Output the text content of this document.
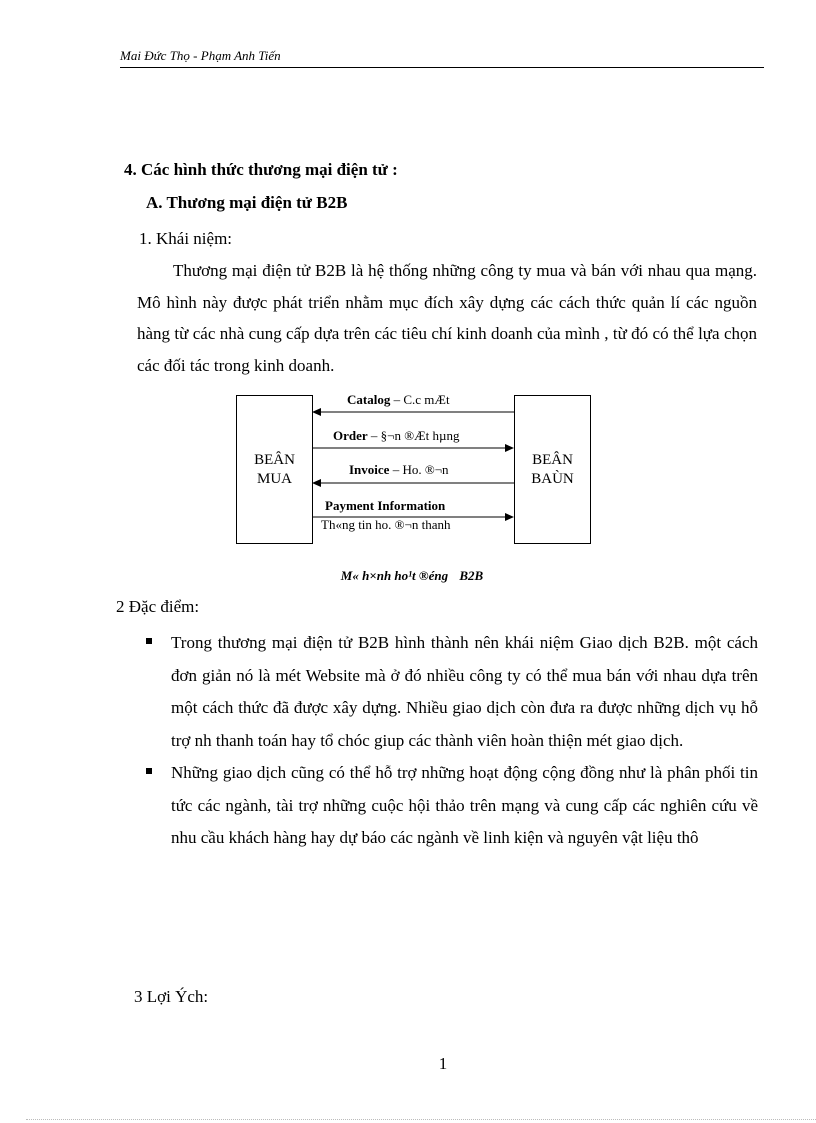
Mai Đức Thọ - Phạm Anh Tiến
4. Các hình thức thương mại điện tử :
A. Thương mại điện tử B2B
1. Khái niệm:

Thương mại điện tử B2B là hệ thống những công ty mua và bán với nhau qua mạng. Mô hình này được phát triển nhằm mục đích xây dựng các cách thức quản lí các nguồn hàng từ các nhà cung cấp dựa trên các tiêu chí kinh doanh của mình , từ đó có thể lựa chọn các đối tác trong kinh doanh.

BEÂN
MUA
BEÂN
BAÙN
Catalog – C.c mÆt
Order – §¬n ®Æt hµng
Invoice – Ho. ®¬n
Payment Information
Th«ng tin ho. ®¬n thanh
M« h×nh ho¹t ®éng B2B
2 Đặc điểm:
Trong thương mại điện tử B2B hình thành nên khái niệm Giao dịch B2B. một cách đơn giản nó là mét Website mà ở đó nhiều công ty có thể mua bán với nhau dựa trên một cách thức đã được xây dựng. Nhiều giao dịch còn đưa ra được những dịch vụ hỗ trợ nh thanh toán hay tổ chóc giup các thành viên hoàn thiện mét giao dịch.
Những giao dịch cũng có thể hỗ trợ những hoạt động cộng đồng như là phân phối tin tức các ngành, tài trợ những cuộc hội thảo trên mạng và cung cấp các nghiên cứu về nhu cầu khách hàng hay dự báo các ngành về linh kiện và nguyên vật liệu thô
3 Lợi Ých:
1
